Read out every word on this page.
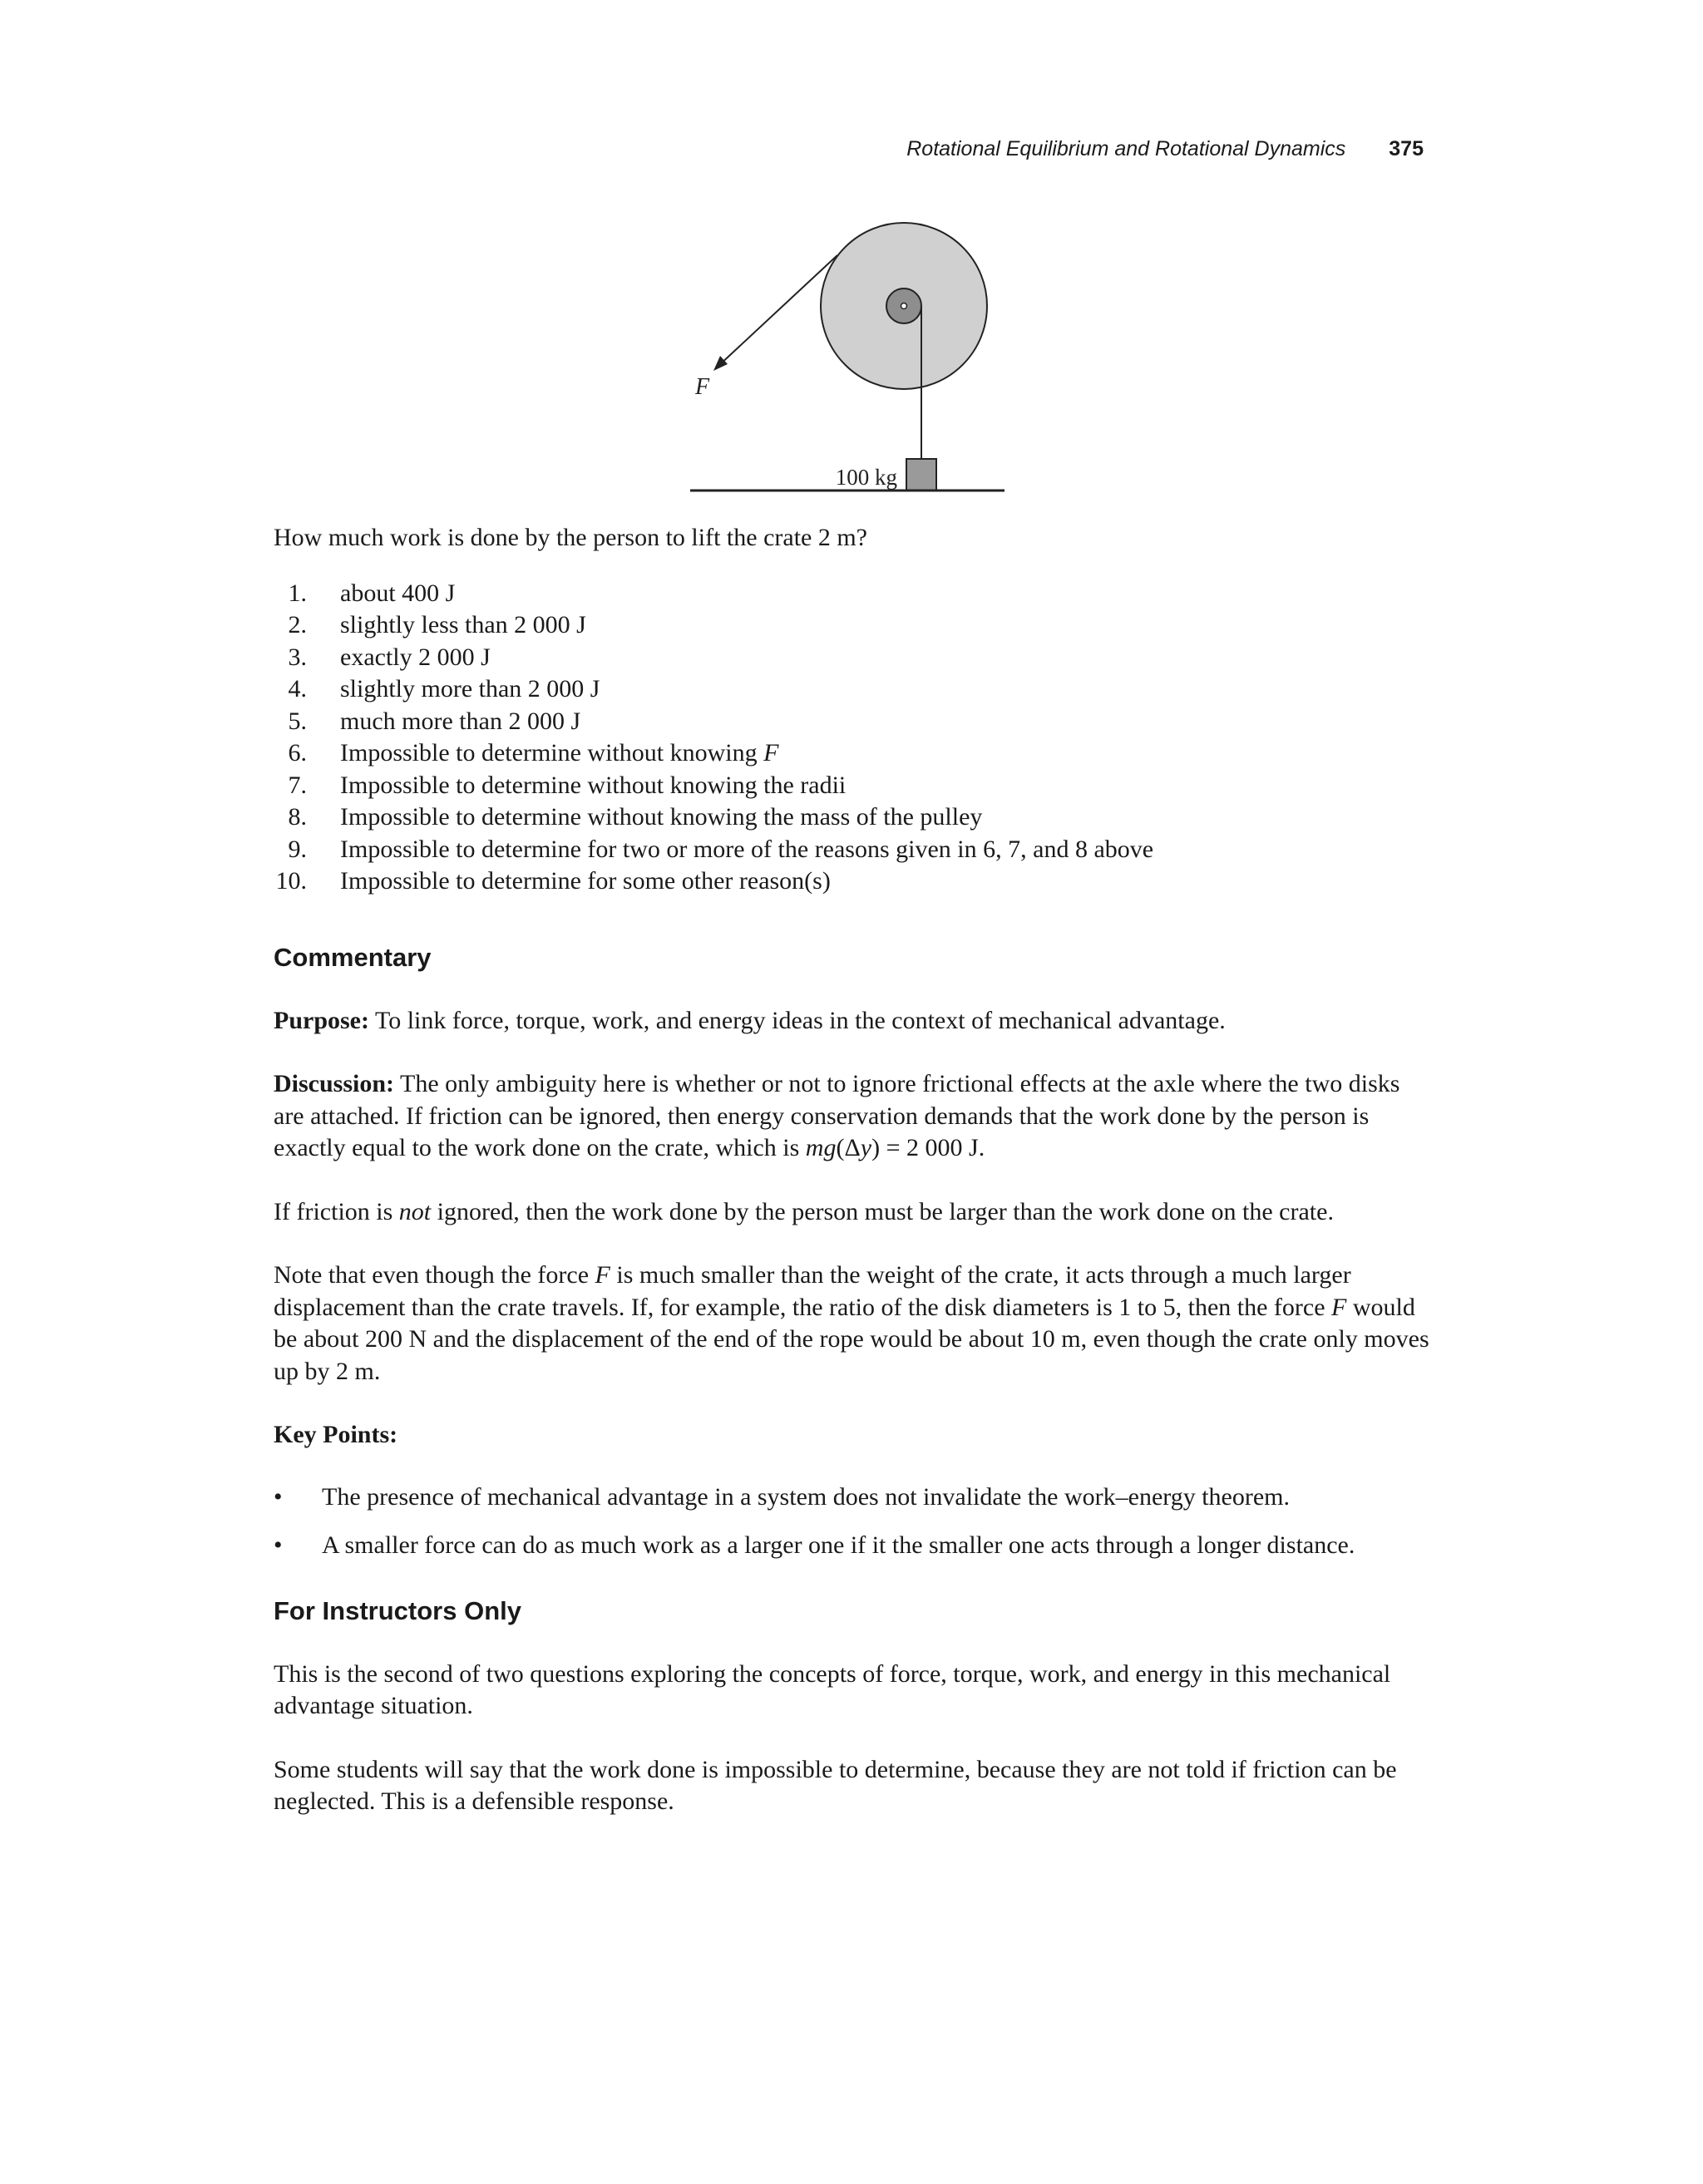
Rotational Equilibrium and Rotational Dynamics 375
F
100 kg

How much work is done by the person to lift the crate 2 m?

1. about 400 J
2. slightly less than 2 000 J
3. exactly 2 000 J
4. slightly more than 2 000 J
5. much more than 2 000 J
6. Impossible to determine without knowing F
7. Impossible to determine without knowing the radii
8. Impossible to determine without knowing the mass of the pulley
9. Impossible to determine for two or more of the reasons given in 6, 7, and 8 above
10. Impossible to determine for some other reason(s)
Commentary

Purpose: To link force, torque, work, and energy ideas in the context of mechanical advantage.

Discussion: The only ambiguity here is whether or not to ignore frictional effects at the axle where the two disks are attached. If friction can be ignored, then energy conservation demands that the work done by the person is exactly equal to the work done on the crate, which is mg(Δy) = 2 000 J.

If friction is not ignored, then the work done by the person must be larger than the work done on the crate.

Note that even though the force F is much smaller than the weight of the crate, it acts through a much larger displacement than the crate travels. If, for example, the ratio of the disk diameters is 1 to 5, then the force F would be about 200 N and the displacement of the end of the rope would be about 10 m, even though the crate only moves up by 2 m.

Key Points:

•	The presence of mechanical advantage in a system does not invalidate the work–energy theorem.
•	A smaller force can do as much work as a larger one if it the smaller one acts through a longer distance.
For Instructors Only

This is the second of two questions exploring the concepts of force, torque, work, and energy in this mechanical advantage situation.

Some students will say that the work done is impossible to determine, because they are not told if friction can be neglected. This is a defensible response.
